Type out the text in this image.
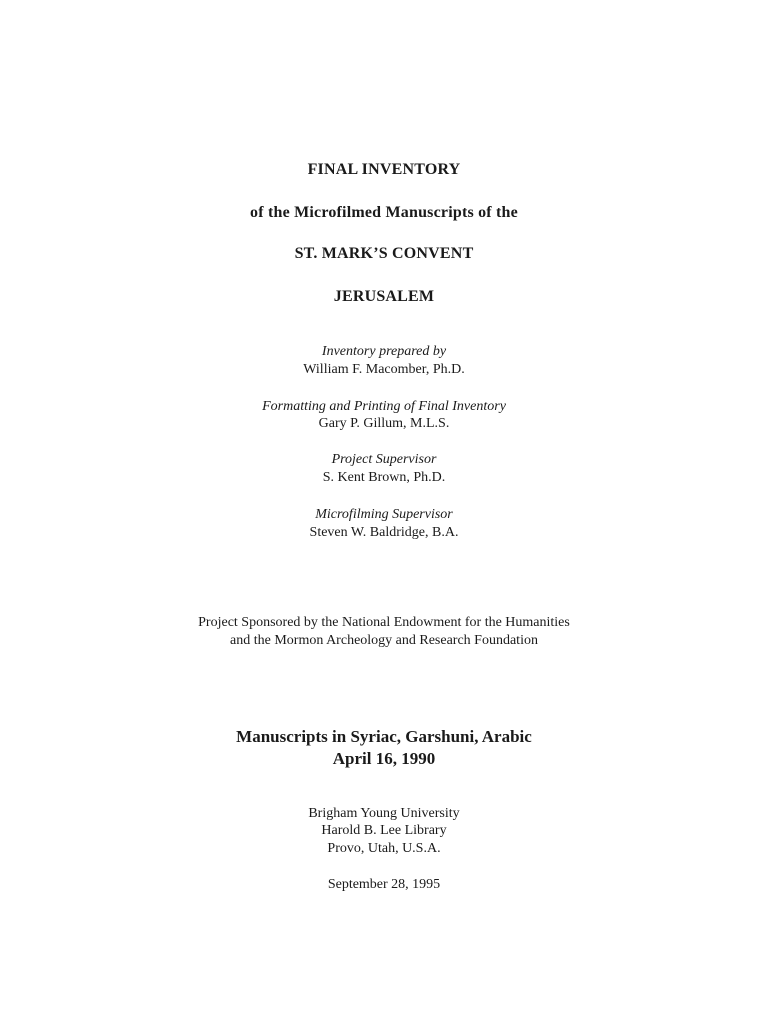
FINAL INVENTORY
of the Microfilmed Manuscripts of the
ST. MARK’S CONVENT
JERUSALEM
Inventory prepared by
William F. Macomber, Ph.D.
Formatting and Printing of Final Inventory
Gary P. Gillum, M.L.S.
Project Supervisor
S. Kent Brown, Ph.D.
Microfilming Supervisor
Steven W. Baldridge, B.A.
Project Sponsored by the National Endowment for the Humanities
and the Mormon Archeology and Research Foundation
Manuscripts in Syriac, Garshuni, Arabic
April 16, 1990
Brigham Young University
Harold B. Lee Library
Provo, Utah, U.S.A.
September 28, 1995
